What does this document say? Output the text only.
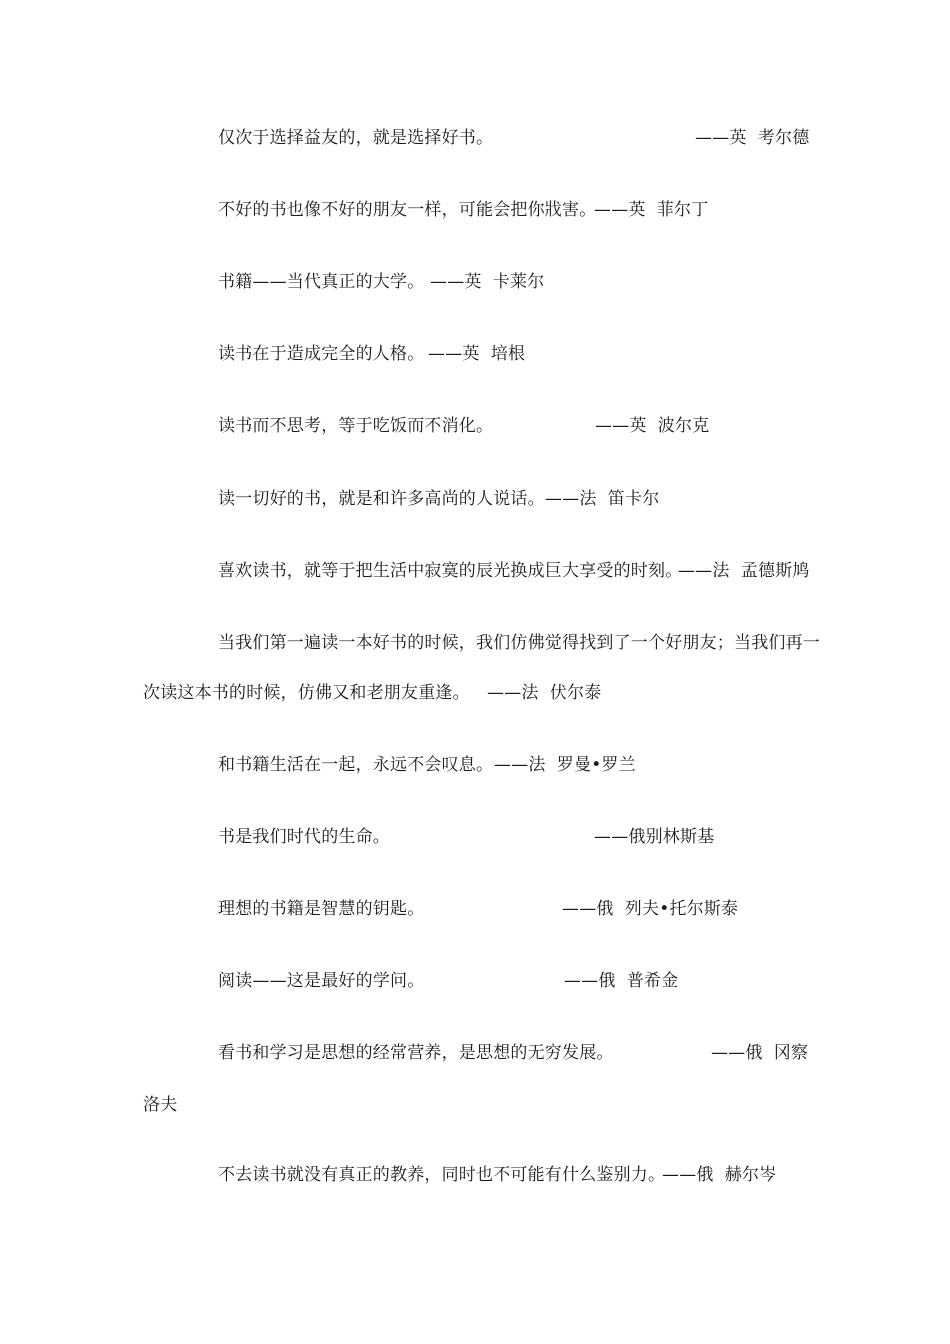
仅次于选择益友的，就是选择好书。	——英  考尔德
不好的书也像不好的朋友一样，可能会把你戕害。
——英  菲尔丁
书籍——当代真正的大学。 ——英  卡莱尔
读书在于造成完全的人格。 ——英  培根
读书而不思考，等于吃饭而不消化。	——英  波尔克
读一切好的书，就是和许多高尚的人说话。 ——法  笛卡尔
喜欢读书，就等于把生活中寂寞的辰光换成巨大享受的时刻。
——法  孟德斯鸠
当我们第一遍读一本好书的时候，我们仿佛觉得找到了一个好朋友；当我们再一
次读这本书的时候，仿佛又和老朋友重逢。 ——法  伏尔泰
和书籍生活在一起，永远不会叹息。 ——法  罗曼•罗兰
书是我们时代的生命。	——俄别林斯基
理想的书籍是智慧的钥匙。	——俄  列夫•托尔斯泰
阅读——这是最好的学问。	——俄  普希金
看书和学习是思想的经常营养，是思想的无穷发展。	——俄  冈察
洛夫
不去读书就没有真正的教养，同时也不可能有什么鉴别力。
——俄  赫尔岑
